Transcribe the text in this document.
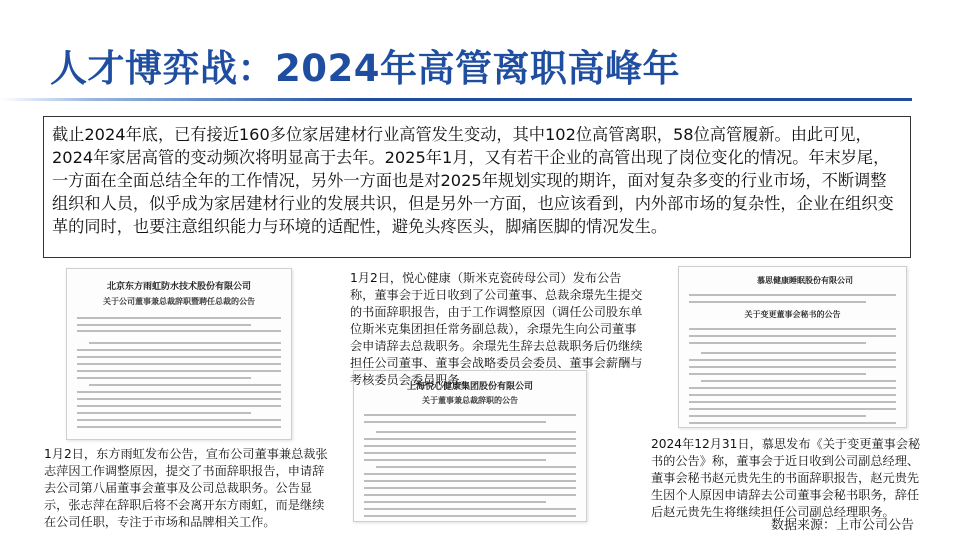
人才博弈战：2024年高管离职高峰年
截止2024年底，已有接近160多位家居建材行业高管发生变动，其中102位高管离职，58位高管履新。由此可见，2024年家居高管的变动频次将明显高于去年。2025年1月，又有若干企业的高管出现了岗位变化的情况。年末岁尾，一方面在全面总结全年的工作情况，另外一方面也是对2025年规划实现的期许，面对复杂多变的行业市场，不断调整组织和人员，似乎成为家居建材行业的发展共识，但是另外一方面，也应该看到，内外部市场的复杂性，企业在组织变革的同时，也要注意组织能力与环境的适配性，避免头疼医头，脚痛医脚的情况发生。
北京东方雨虹防水技术股份有限公司
关于公司董事兼总裁辞职暨聘任总裁的公告
上海悦心健康集团股份有限公司
关于董事兼总裁辞职的公告
慕思健康睡眠股份有限公司
关于变更董事会秘书的公告

1月2日，东方雨虹发布公告，宣布公司董事兼总裁张志萍因工作调整原因，提交了书面辞职报告，申请辞去公司第八届董事会董事及公司总裁职务。公告显示，张志萍在辞职后将不会离开东方雨虹，而是继续在公司任职，专注于市场和品牌相关工作。

1月2日，悦心健康（斯米克瓷砖母公司）发布公告称，董事会于近日收到了公司董事、总裁余璟先生提交的书面辞职报告，由于工作调整原因（调任公司股东单位斯米克集团担任常务副总裁），余璟先生向公司董事会申请辞去总裁职务。余璟先生辞去总裁职务后仍继续担任公司董事、董事会战略委员会委员、董事会薪酬与考核委员会委员职务。

2024年12月31日，慕思发布《关于变更董事会秘书的公告》称，董事会于近日收到公司副总经理、董事会秘书赵元贵先生的书面辞职报告，赵元贵先生因个人原因申请辞去公司董事会秘书职务，辞任后赵元贵先生将继续担任公司副总经理职务。

数据来源：上市公司公告
